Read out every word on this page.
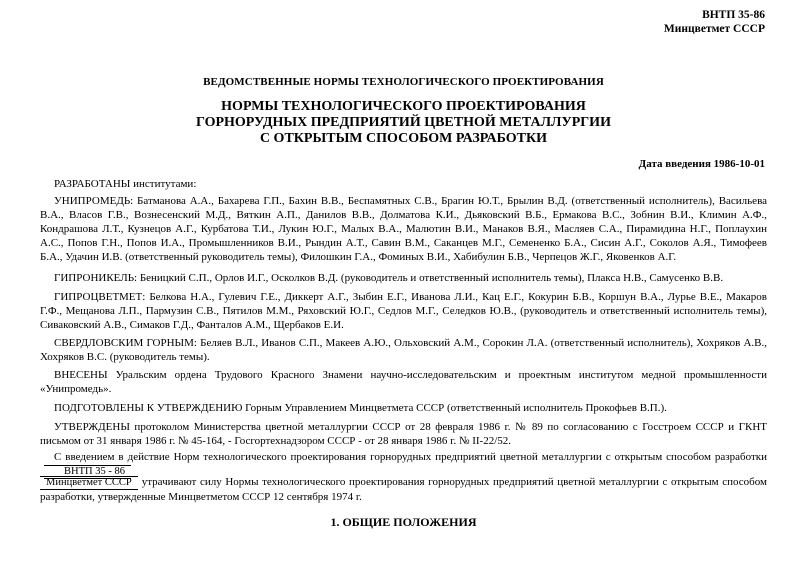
ВНТП 35-86
Минцветмет СССР
ВЕДОМСТВЕННЫЕ НОРМЫ ТЕХНОЛОГИЧЕСКОГО ПРОЕКТИРОВАНИЯ
НОРМЫ ТЕХНОЛОГИЧЕСКОГО ПРОЕКТИРОВАНИЯ
ГОРНОРУДНЫХ ПРЕДПРИЯТИЙ ЦВЕТНОЙ МЕТАЛЛУРГИИ
С ОТКРЫТЫМ СПОСОБОМ РАЗРАБОТКИ
Дата введения 1986-10-01
РАЗРАБОТАНЫ институтами:
УНИПРОМЕДЬ: Батманова А.А., Бахарева Г.П., Бахин В.В., Беспамятных С.В., Брагин Ю.Т., Брылин В.Д. (ответственный исполнитель), Васильева В.А., Власов Г.В., Вознесенский М.Д., Вяткин А.П., Данилов В.В., Долматова К.И., Дьяковский В.Б., Ермакова В.С., Зобнин В.И., Климин А.Ф., Кондрашова Л.Т., Кузнецов А.Г., Курбатова Т.И., Лукин Ю.Г., Малых В.А., Малютин В.И., Манаков В.Я., Масляев С.А., Пирамидина Н.Г., Поплаухин А.С., Попов Г.Н., Попов И.А., Промышленников В.И., Рындин А.Т., Савин В.М., Саканцев М.Г., Семененко Б.А., Сисин А.Г., Соколов А.Я., Тимофеев Б.А., Удачин И.В. (ответственный руководитель темы), Филошкин Г.А., Фоминых В.И., Хабибулин Б.В., Черпецов Ж.Г., Яковенков А.Г.
ГИПРОНИКЕЛЬ: Беницкий С.П., Орлов И.Г., Осколков В.Д. (руководитель и ответственный исполнитель темы), Плакса Н.В., Самусенко В.В.
ГИПРОЦВЕТМЕТ: Белкова Н.А., Гулевич Г.Е., Диккерт А.Г., Зыбин Е.Г., Иванова Л.И., Кац Е.Г., Кокурин Б.В., Коршун В.А., Лурье В.Е., Макаров Г.Ф., Мещанова Л.П., Пармузин С.В., Пятилов М.М., Ряховский Ю.Г., Седлов М.Г., Селедков Ю.В., (руководитель и ответственный исполнитель темы), Сиваковский А.В., Симаков Г.Д., Фанталов А.М., Щербаков Е.И.
СВЕРДЛОВСКИМ ГОРНЫМ: Беляев В.Л., Иванов С.П., Макеев А.Ю., Ольховский А.М., Сорокин Л.А. (ответственный исполнитель), Хохряков А.В., Хохряков В.С. (руководитель темы).
ВНЕСЕНЫ Уральским ордена Трудового Красного Знамени научно-исследовательским и проектным институтом медной промышленности «Унипромедь».
ПОДГОТОВЛЕНЫ К УТВЕРЖДЕНИЮ Горным Управлением Минцветмета СССР (ответственный исполнитель Прокофьев В.П.).
УТВЕРЖДЕНЫ протоколом Министерства цветной металлургии СССР от 28 февраля 1986 г. № 89 по согласованию с Госстроем СССР и ГКНТ письмом от 31 января 1986 г. № 45-164, - Госгортехнадзором СССР - от 28 января 1986 г. № II-22/52.
С введением в действие Норм технологического проектирования горнорудных предприятий цветной металлургии с открытым способом разработки ВНТП 35 - 86
Минцветмет СССР утрачивают силу Нормы технологического проектирования горнорудных предприятий цветной металлургии с открытым способом разработки, утвержденные Минцветметом СССР 12 сентября 1974 г.
1. ОБЩИЕ ПОЛОЖЕНИЯ
